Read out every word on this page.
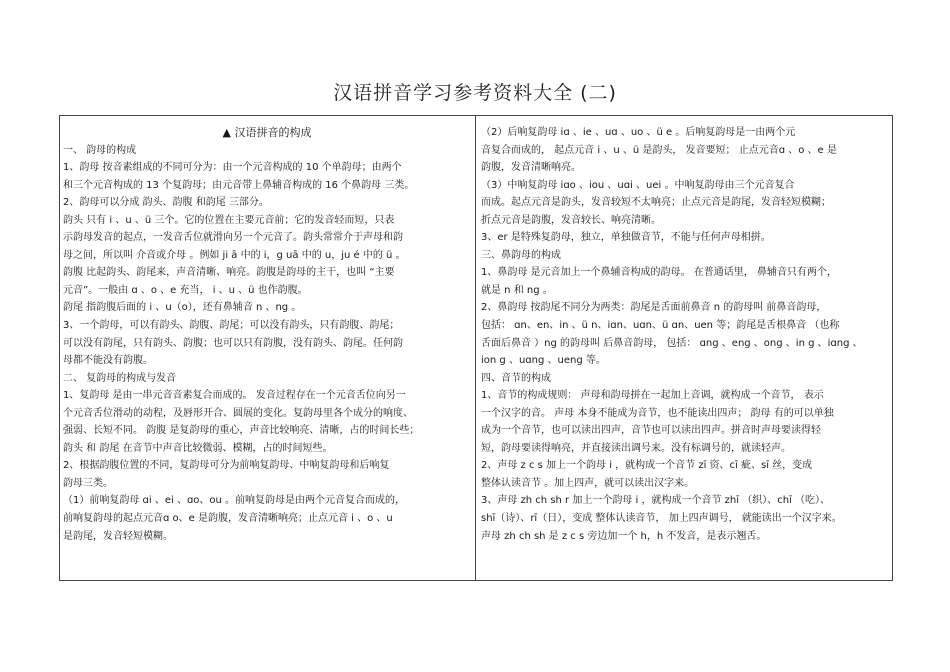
汉语拼音学习参考资料大全 (二)
▲ 汉语拼音的构成
一、 韵母的构成
1、韵母 按音素组成的不同可分为：由一个元音构成的 10 个单韵母；由两个
和三个元音构成的 13 个复韵母；由元音带上鼻辅音构成的 16 个鼻韵母 三类。
2、韵母可以分成 韵头、韵腹 和韵尾 三部分。
韵头 只有 i 、u 、ü 三个。它的位置在主要元音前；它的发音轻而短，只表
示韵母发音的起点，一发音舌位就滑向另一个元音了。韵头常常介于声母和韵
母之间，所以叫 介音或介母 。例如 ji ā 中的 i，g uā 中的 u，ju é 中的 ü 。
韵腹 比起韵头、韵尾来，声音清晰、响亮。韵腹是韵母的主干，也叫 “主要
元音”。一般由 ɑ 、o 、e 充当， i 、u 、ü 也作韵腹。
韵尾 指韵腹后面的 i 、u（o），还有鼻辅音 n 、ng 。
3、一个韵母，可以有韵头、韵腹、韵尾；可以没有韵头，只有韵腹、韵尾；
可以没有韵尾，只有韵头、韵腹；也可以只有韵腹，没有韵头、韵尾。任何韵
母都不能没有韵腹。
二、 复韵母的构成与发音
1、复韵母 是由一串元音音素复合而成的。 发音过程存在一个元音舌位向另一
个元音舌位滑动的动程，及唇形开合、圆展的变化。复韵母里各个成分的响度、
强弱、长短不同。 韵腹 是复韵母的重心，声音比较响亮、清晰，占的时间长些；
韵头 和 韵尾 在音节中声音比较微弱、模糊，占的时间短些。
2、根据韵腹位置的不同，复韵母可分为前响复韵母、中响复韵母和后响复
韵母三类。
（1）前响复韵母 ɑi 、ei 、ɑo、ou 。前响复韵母是由两个元音复合而成的，
前响复韵母的起点元音ɑ o、e 是韵腹，发音清晰响亮；止点元音 i 、o 、u
是韵尾，发音轻短模糊。
（2）后响复韵母 iɑ 、ie 、uɑ 、uo 、ü e 。后响复韵母是一由两个元
音复合而成的， 起点元音 i 、u 、ü 是韵头， 发音要短； 止点元音ɑ 、o 、e 是
韵腹，发音清晰响亮。
（3）中响复韵母 iɑo 、iou 、uɑi 、uei 。中响复韵母由三个元音复合
而成。起点元音是韵头，发音较短不太响亮；止点元音是韵尾，发音轻短模糊；
折点元音是韵腹，发音较长、响亮清晰。
3、er 是特殊复韵母，独立，单独做音节，不能与任何声母相拼。
三、鼻韵母的构成
1、鼻韵母 是元音加上一个鼻辅音构成的韵母。 在普通话里， 鼻辅音只有两个，
就是 n 和 ng 。
2、鼻韵母 按韵尾不同分为两类：韵尾是舌面前鼻音 n 的韵母叫 前鼻音韵母，
包括： ɑn、en、in 、ü n、iɑn、uɑn、ü ɑn、uen 等；韵尾是舌根鼻音 （也称
舌面后鼻音 ）ng 的韵母叫 后鼻音韵母， 包括： ɑng 、eng 、ong 、in g 、iɑng 、
ion g 、uɑng 、ueng 等。
四、音节的构成
1、音节的构成规则： 声母和韵母拼在一起加上音调，就构成一个音节， 表示
一个汉字的音。 声母 本身不能成为音节，也不能读出四声； 韵母 有的可以单独
成为一个音节，也可以读出四声，音节也可以读出四声。拼音时声母要读得轻
短，韵母要读得响亮，并直接读出调号来。没有标调号的，就读轻声。
2、声母 z c s 加上一个韵母 i ，就构成一个音节 zī 资、cī 疵、sī 丝，变成
整体认读音节 。加上四声，就可以读出汉字来。
3、声母 zh ch sh r 加上一个韵母 i ，就构成一个音节 zhī （织）、chī （吃）、
shī（诗）、rī（日），变成 整体认读音节， 加上四声调号， 就能读出一个汉字来。
声母 zh ch sh 是 z c s 旁边加一个 h，h 不发音，是表示翘舌。
